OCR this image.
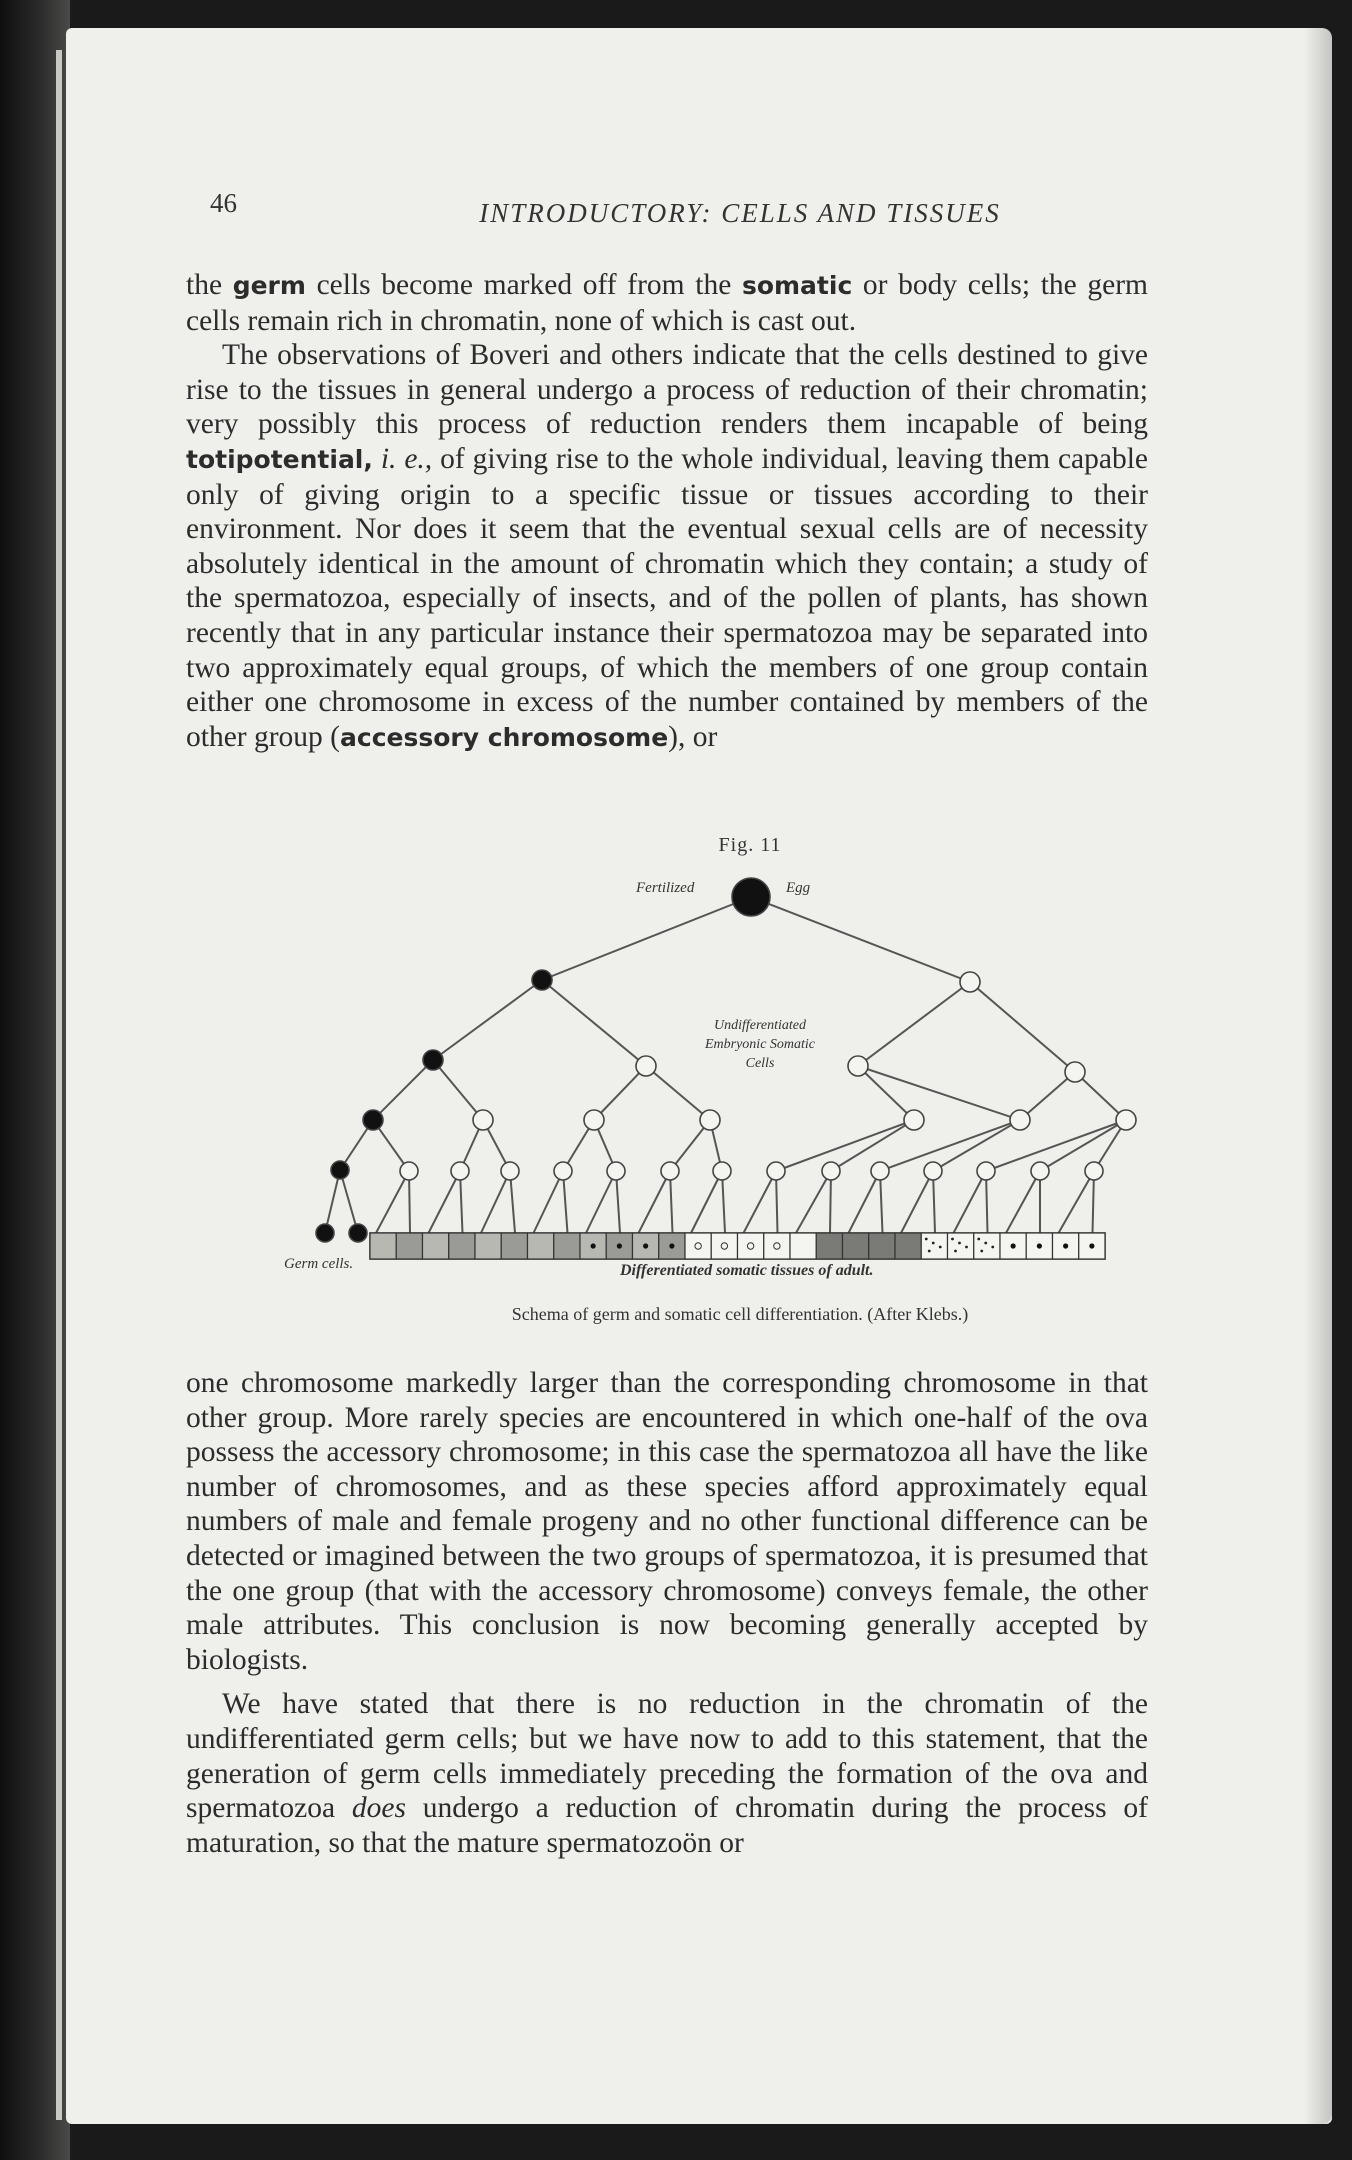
46	INTRODUCTORY: CELLS AND TISSUES

the germ cells become marked off from the somatic or body cells; the germ cells remain rich in chromatin, none of which is cast out.

The observations of Boveri and others indicate that the cells destined to give rise to the tissues in general undergo a process of reduction of their chromatin; very possibly this process of reduction renders them incapable of being totipotential, i. e., of giving rise to the whole individual, leaving them capable only of giving origin to a specific tissue or tissues according to their environment. Nor does it seem that the eventual sexual cells are of necessity absolutely identical in the amount of chromatin which they contain; a study of the spermatozoa, especially of insects, and of the pollen of plants, has shown recently that in any particular instance their spermatozoa may be separated into two approximately equal groups, of which the members of one group contain either one chromosome in excess of the number contained by members of the other group (accessory chromosome), or

Fig. 11
Fertilized	Egg
Undifferentiated
Embryonic Somatic
Cells
Germ cells.	Differentiated somatic tissues of adult.
Schema of germ and somatic cell differentiation. (After Klebs.)

one chromosome markedly larger than the corresponding chromosome in that other group. More rarely species are encountered in which one-half of the ova possess the accessory chromosome; in this case the spermatozoa all have the like number of chromosomes, and as these species afford approximately equal numbers of male and female progeny and no other functional difference can be detected or imagined between the two groups of spermatozoa, it is presumed that the one group (that with the accessory chromosome) conveys female, the other male attributes. This conclusion is now becoming generally accepted by biologists.

We have stated that there is no reduction in the chromatin of the undifferentiated germ cells; but we have now to add to this statement, that the generation of germ cells immediately preceding the formation of the ova and spermatozoa does undergo a reduction of chromatin during the process of maturation, so that the mature spermatozoön or
